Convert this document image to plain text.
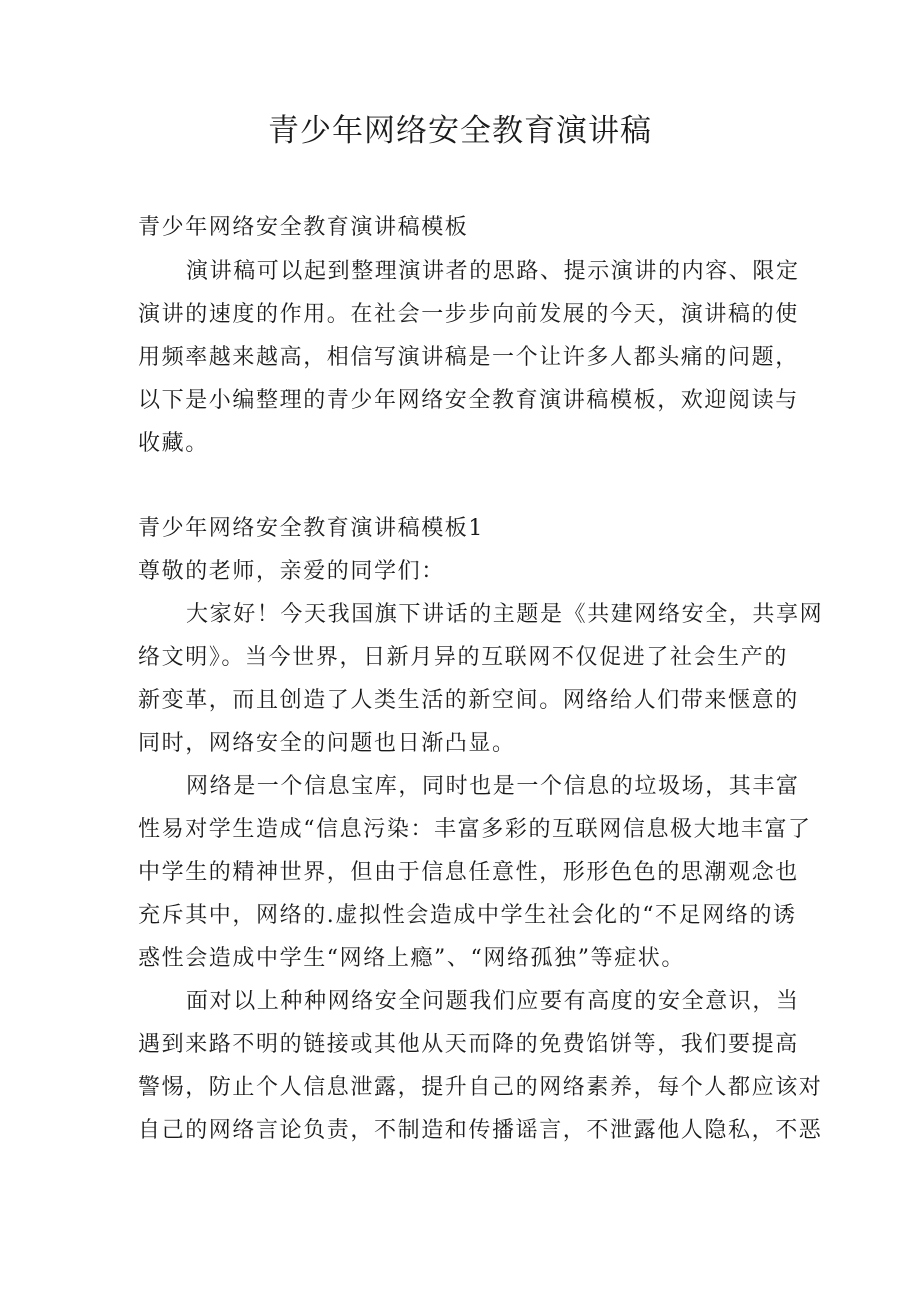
青少年网络安全教育演讲稿
青少年网络安全教育演讲稿模板
演讲稿可以起到整理演讲者的思路、提示演讲的内容、限定
演讲的速度的作用。在社会一步步向前发展的今天，演讲稿的使
用频率越来越高，相信写演讲稿是一个让许多人都头痛的问题，
以下是小编整理的青少年网络安全教育演讲稿模板，欢迎阅读与
收藏。
青少年网络安全教育演讲稿模板1
尊敬的老师，亲爱的同学们：
大家好！今天我国旗下讲话的主题是《共建网络安全，共享网
络文明》。当今世界，日新月异的互联网不仅促进了社会生产的
新变革，而且创造了人类生活的新空间。网络给人们带来惬意的
同时，网络安全的问题也日渐凸显。
网络是一个信息宝库，同时也是一个信息的垃圾场，其丰富
性易对学生造成“信息污染：丰富多彩的互联网信息极大地丰富了
中学生的精神世界，但由于信息任意性，形形色色的思潮观念也
充斥其中，网络的.虚拟性会造成中学生社会化的“不足网络的诱
惑性会造成中学生“网络上瘾”、“网络孤独”等症状。
面对以上种种网络安全问题我们应要有高度的安全意识，当
遇到来路不明的链接或其他从天而降的免费馅饼等，我们要提高
警惕，防止个人信息泄露，提升自己的网络素养，每个人都应该对
自己的网络言论负责，不制造和传播谣言，不泄露他人隐私，不恶
